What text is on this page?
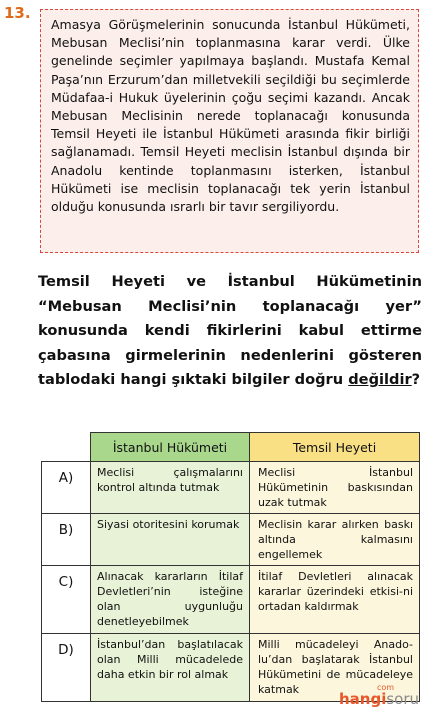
13.
Amasya Görüşmelerinin sonucunda İstanbul Hükümeti, Mebusan Meclisi’nin toplanmasına karar verdi. Ülke genelinde seçimler yapılmaya başlandı. Mustafa Kemal Paşa’nın Erzurum’dan milletvekili seçildiği bu seçimlerde Müdafaa-i Hukuk üyelerinin çoğu seçimi kazandı. Ancak Mebusan Meclisinin nerede toplanacağı konusunda Temsil Heyeti ile İstanbul Hükümeti arasında fikir birliği sağlanamadı. Temsil Heyeti meclisin İstanbul dışında bir Anadolu kentinde toplanmasını isterken, İstanbul Hükümeti ise meclisin toplanacağı tek yerin İstanbul olduğu konusunda ısrarlı bir tavır sergiliyordu.
Temsil Heyeti ve İstanbul Hükümetinin “Mebusan Meclisi’nin toplanacağı yer” konusunda kendi fikirlerini kabul ettirme çabasına girmelerinin nedenlerini gösteren tablodaki hangi şıktaki bilgiler doğru değildir?
	İstanbul Hükümeti	Temsil Heyeti
A)	Meclisi çalışmalarını kontrol altında tutmak	Meclisi İstanbul Hükümetinin baskısından uzak tutmak
B)	Siyasi otoritesini korumak	Meclisin karar alırken baskı altında kalmasını engellemek
C)	Alınacak kararların İtilaf Devletleri’nin isteğine olan uygunluğu denetleyebilmek	İtilaf Devletleri alınacak kararlar üzerindeki etkisi-ni ortadan kaldırmak
D)	İstanbul’dan başlatılacak olan Milli mücadelede daha etkin bir rol almak	Milli mücadeleyi Anado-lu’dan başlatarak İstanbul Hükümetini de mücadeleye katmak
hangisoru
com
